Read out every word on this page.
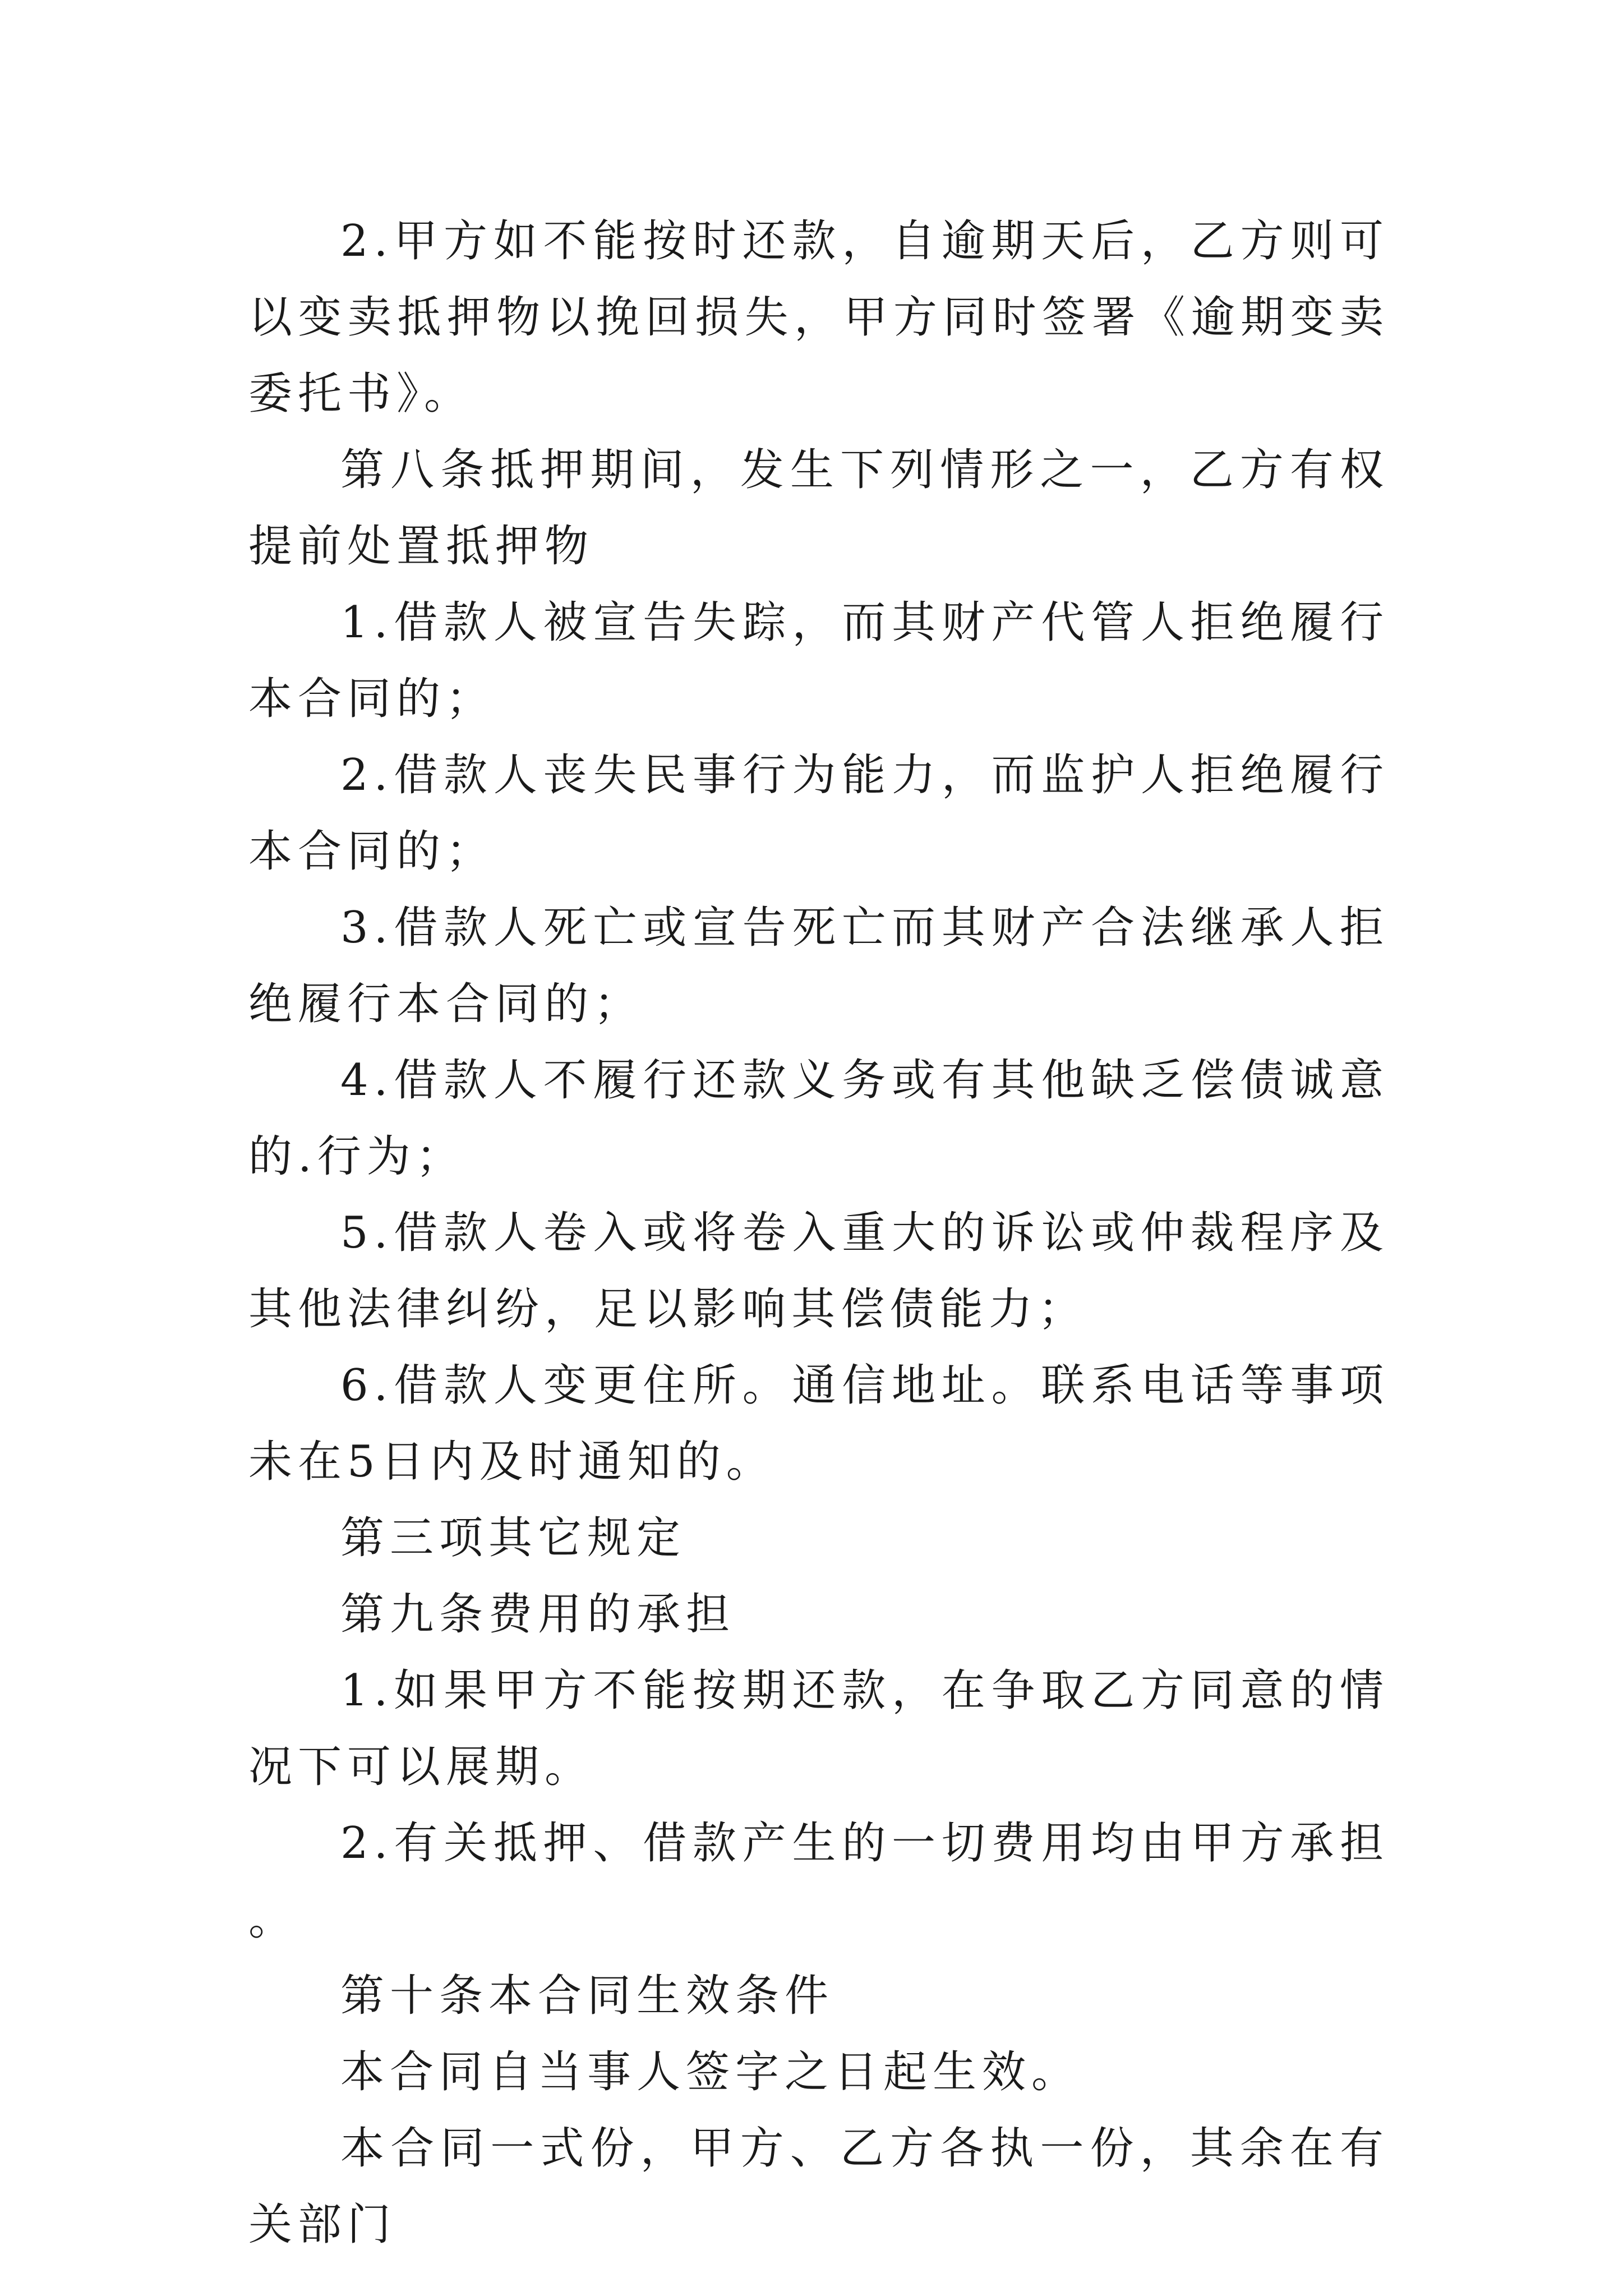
2.甲方如不能按时还款，自逾期天后，乙方则可以变卖抵押物以挽回损失，甲方同时签署《逾期变卖委托书》。

第八条抵押期间，发生下列情形之一，乙方有权提前处置抵押物

1.借款人被宣告失踪，而其财产代管人拒绝履行本合同的；

2.借款人丧失民事行为能力，而监护人拒绝履行本合同的；

3.借款人死亡或宣告死亡而其财产合法继承人拒绝履行本合同的；

4.借款人不履行还款义务或有其他缺乏偿债诚意的.行为；

5.借款人卷入或将卷入重大的诉讼或仲裁程序及其他法律纠纷，足以影响其偿债能力；

6.借款人变更住所。通信地址。联系电话等事项未在5日内及时通知的。

第三项其它规定

第九条费用的承担

1.如果甲方不能按期还款，在争取乙方同意的情况下可以展期。

2.有关抵押、借款产生的一切费用均由甲方承担。

第十条本合同生效条件

本合同自当事人签字之日起生效。

本合同一式份，甲方、乙方各执一份，其余在有关部门
